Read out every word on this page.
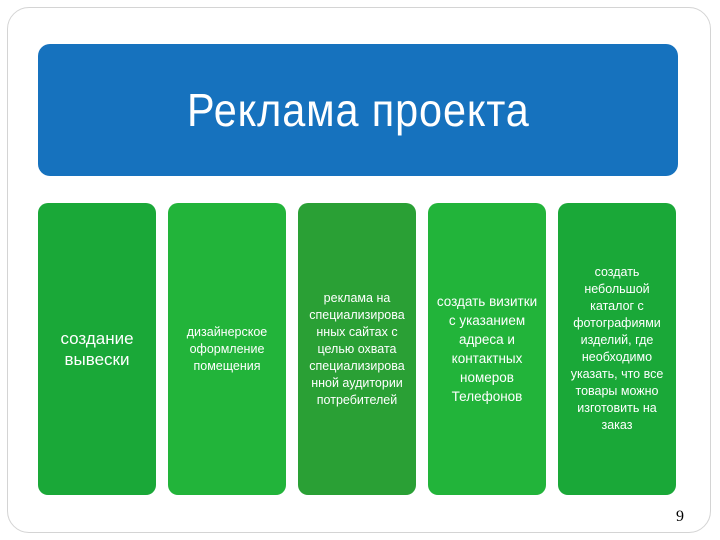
Реклама проекта
создание вывески
дизайнерское оформление помещения
реклама на специализирова нных сайтах с целью охвата специализирова нной аудитории потребителей
создать визитки с указанием адреса и контактных номеров Телефонов
создать небольшой каталог с фотографиями изделий, где необходимо указать, что все товары можно изготовить на заказ
9
